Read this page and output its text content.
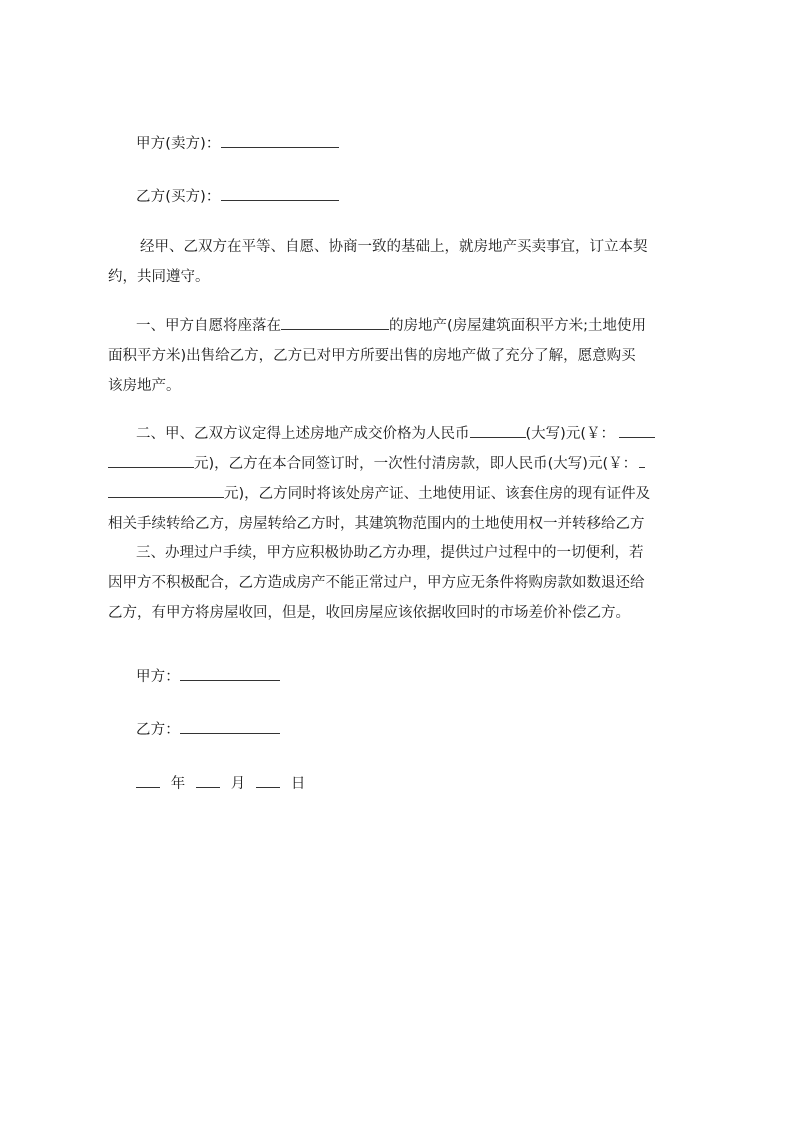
甲方(卖方)：
乙方(买方)：
经甲、乙双方在平等、自愿、协商一致的基础上，就房地产买卖事宜，订立本契
约，共同遵守。
一、甲方自愿将座落在	的房地产(房屋建筑面积平方米;土地使用
面积平方米)出售给乙方，乙方已对甲方所要出售的房地产做了充分了解，愿意购买
该房地产。
二、甲、乙双方议定得上述房地产成交价格为人民币	(大写)元(￥：
元)，乙方在本合同签订时，一次性付清房款，即人民币(大写)元(￥：
元)，乙方同时将该处房产证、土地使用证、该套住房的现有证件及
相关手续转给乙方，房屋转给乙方时，其建筑物范围内的土地使用权一并转移给乙方
三、办理过户手续，甲方应积极协助乙方办理，提供过户过程中的一切便利，若
因甲方不积极配合，乙方造成房产不能正常过户，甲方应无条件将购房款如数退还给
乙方，有甲方将房屋收回，但是，收回房屋应该依据收回时的市场差价补偿乙方。
甲方：
乙方：
年	月	日
